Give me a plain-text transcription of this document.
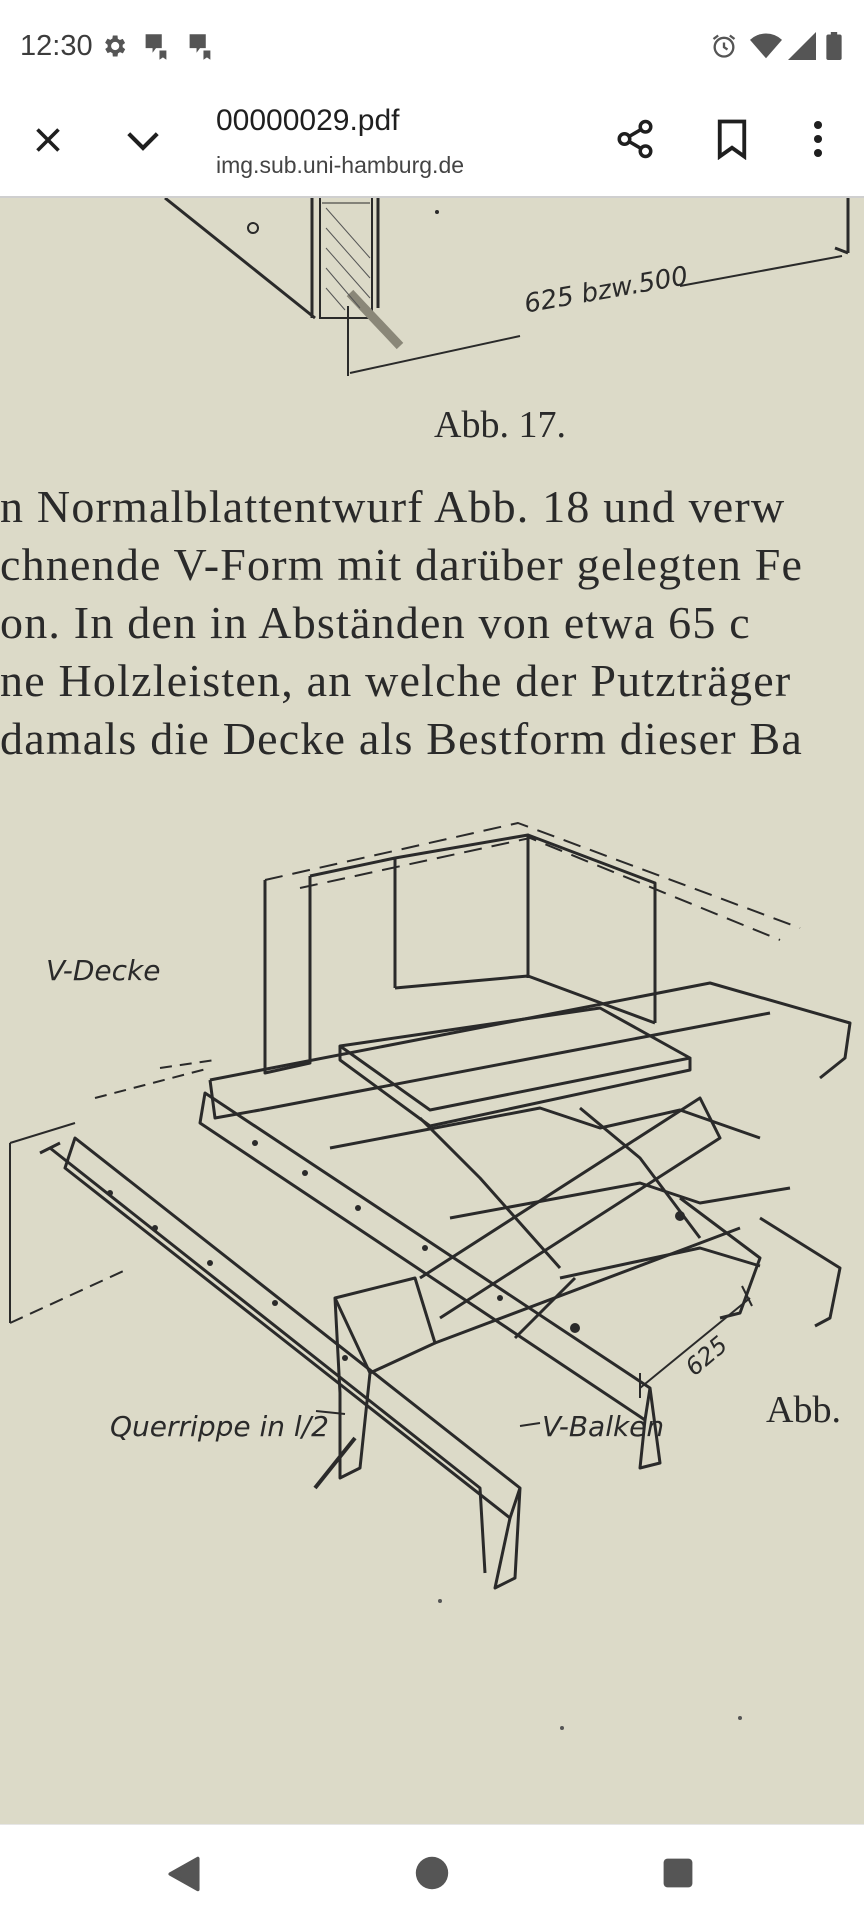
12:30
00000029.pdf
img.sub.uni-hamburg.de
625 bzw.500
Abb. 17.
n Normalblattentwurf Abb. 18 und verw
chnende V-Form mit darüber gelegten Fe
on. In den in Abständen von etwa 65 c
ne Holzleisten, an welche der Putzträger
damals die Decke als Bestform dieser Ba
V-Decke
Querrippe in l/2	V-Balken
625
Abb.
